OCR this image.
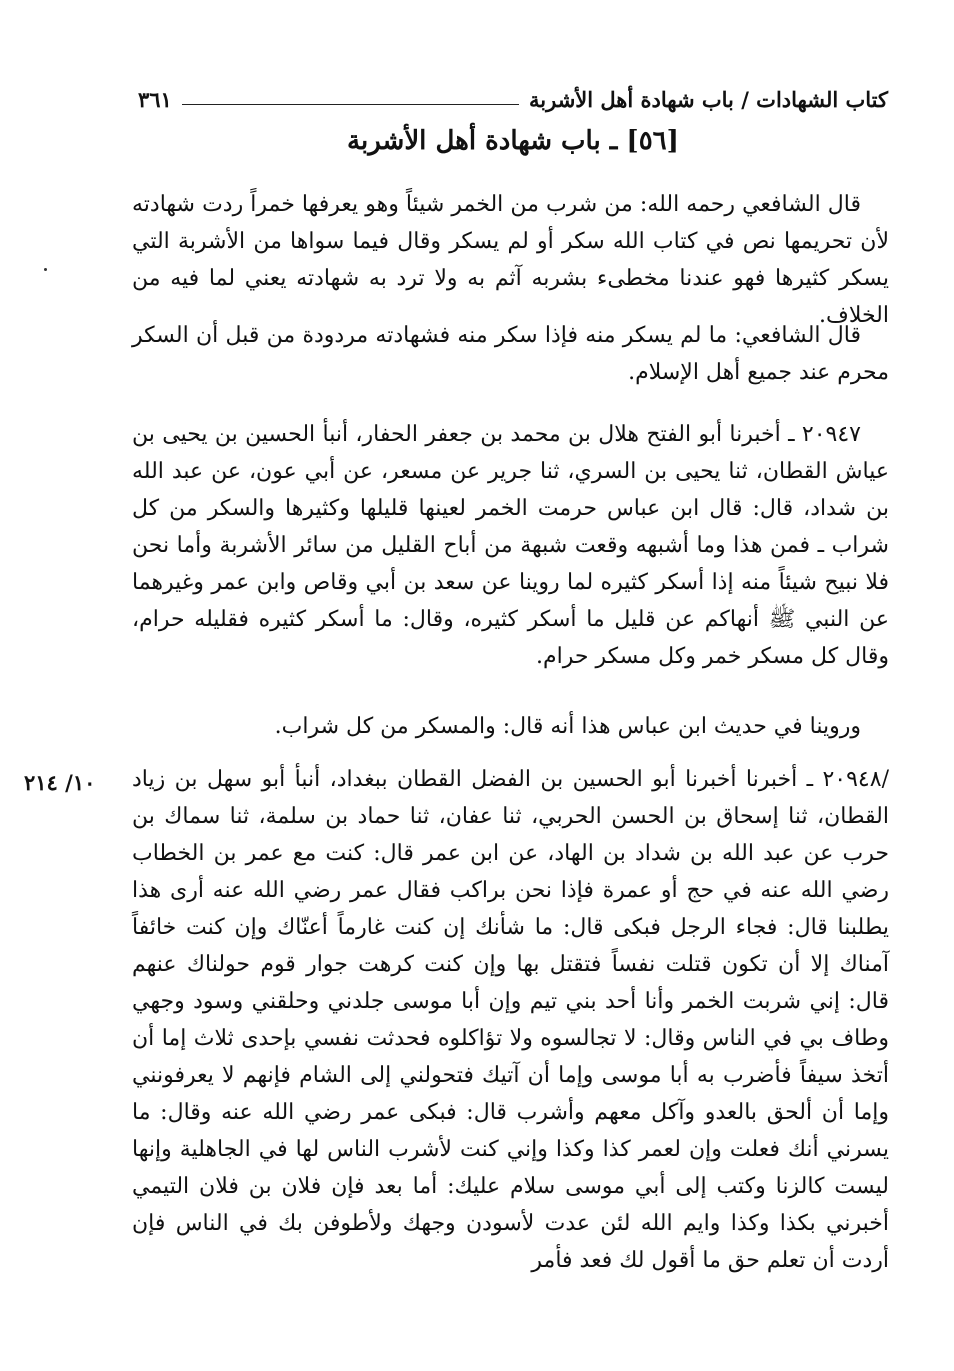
كتاب الشهادات / باب شهادة أهل الأشربة
٣٦١
[٥٦] ـ باب شهادة أهل الأشربة
قال الشافعي رحمه الله: من شرب من الخمر شيئاً وهو يعرفها خمراً ردت شهادته لأن تحريمها نص في كتاب الله سكر أو لم يسكر وقال فيما سواها من الأشربة التي يسكر كثيرها فهو عندنا مخطىء بشربه آثم به ولا ترد به شهادته يعني لما فيه من الخلاف.
قال الشافعي: ما لم يسكر منه فإذا سكر منه فشهادته مردودة من قبل أن السكر محرم عند جميع أهل الإسلام.
٢٠٩٤٧ ـ أخبرنا أبو الفتح هلال بن محمد بن جعفر الحفار، أنبأ الحسين بن يحيى بن عياش القطان، ثنا يحيى بن السري، ثنا جرير عن مسعر، عن أبي عون، عن عبد الله بن شداد، قال: قال ابن عباس حرمت الخمر لعينها قليلها وكثيرها والسكر من كل شراب ـ فمن هذا وما أشبهه وقعت شبهة من أباح القليل من سائر الأشربة وأما نحن فلا نبيح شيئاً منه إذا أسكر كثيره لما روينا عن سعد بن أبي وقاص وابن عمر وغيرهما عن النبي ﷺ أنهاكم عن قليل ما أسكر كثيره، وقال: ما أسكر كثيره فقليله حرام، وقال كل مسكر خمر وكل مسكر حرام.
وروينا في حديث ابن عباس هذا أنه قال: والمسكر من كل شراب.
/٢٠٩٤٨ ـ أخبرنا أخبرنا أبو الحسين بن الفضل القطان ببغداد، أنبأ أبو سهل بن زياد القطان، ثنا إسحاق بن الحسن الحربي، ثنا عفان، ثنا حماد بن سلمة، ثنا سماك بن حرب عن عبد الله بن شداد بن الهاد، عن ابن عمر قال: كنت مع عمر بن الخطاب رضي الله عنه في حج أو عمرة فإذا نحن براكب فقال عمر رضي الله عنه أرى هذا يطلبنا قال: فجاء الرجل فبكى قال: ما شأنك إن كنت غارماً أعنّاك وإن كنت خائفاً آمناك إلا أن تكون قتلت نفساً فتقتل بها وإن كنت كرهت جوار قوم حولناك عنهم قال: إني شربت الخمر وأنا أحد بني تيم وإن أبا موسى جلدني وحلقني وسود وجهي وطاف بي في الناس وقال: لا تجالسوه ولا تؤاكلوه فحدثت نفسي بإحدى ثلاث إما أن أتخذ سيفاً فأضرب به أبا موسى وإما أن آتيك فتحولني إلى الشام فإنهم لا يعرفونني وإما أن ألحق بالعدو وآكل معهم وأشرب قال: فبكى عمر رضي الله عنه وقال: ما يسرني أنك فعلت وإن لعمر كذا وكذا وإني كنت لأشرب الناس لها في الجاهلية وإنها ليست كالزنا وكتب إلى أبي موسى سلام عليك: أما بعد فإن فلان بن فلان التيمي أخبرني بكذا وكذا وايم الله لئن عدت لأسودن وجهك ولأطوفن بك في الناس فإن أردت أن تعلم حق ما أقول لك فعد فأمر
١٠/ ٢١٤
